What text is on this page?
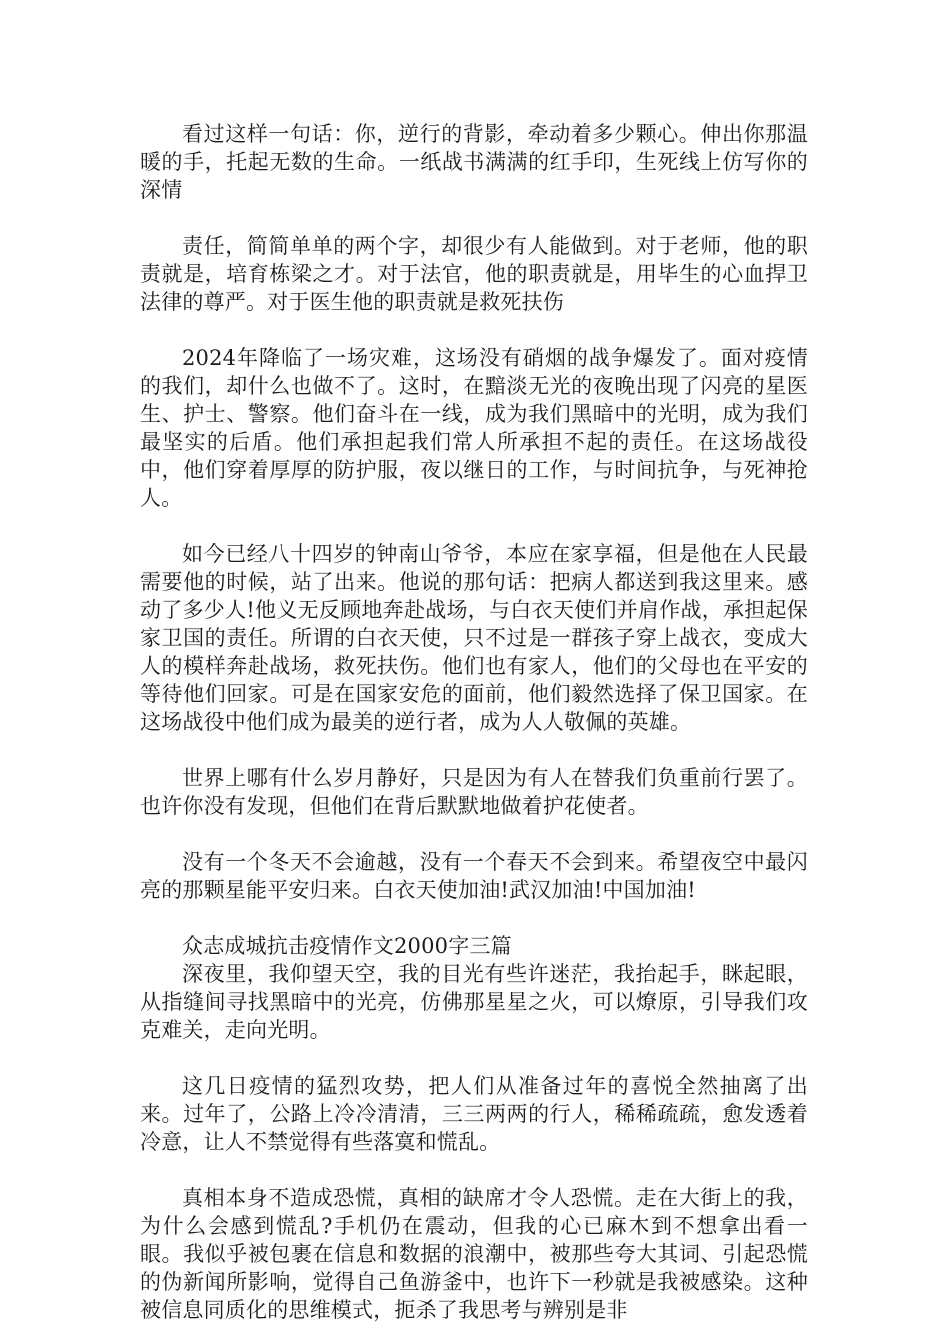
看过这样一句话：你，逆行的背影，牵动着多少颗心。伸出你那温暖的手，托起无数的生命。一纸战书满满的红手印，生死线上仿写你的深情

责任，简简单单的两个字，却很少有人能做到。对于老师，他的职责就是，培育栋梁之才。对于法官，他的职责就是，用毕生的心血捍卫法律的尊严。对于医生他的职责就是救死扶伤

2024年降临了一场灾难，这场没有硝烟的战争爆发了。面对疫情的我们，却什么也做不了。这时，在黯淡无光的夜晚出现了闪亮的星医生、护士、警察。他们奋斗在一线，成为我们黑暗中的光明，成为我们最坚实的后盾。他们承担起我们常人所承担不起的责任。在这场战役中，他们穿着厚厚的防护服，夜以继日的工作，与时间抗争，与死神抢人。

如今已经八十四岁的钟南山爷爷，本应在家享福，但是他在人民最需要他的时候，站了出来。他说的那句话：把病人都送到我这里来。感动了多少人!他义无反顾地奔赴战场，与白衣天使们并肩作战，承担起保家卫国的责任。所谓的白衣天使，只不过是一群孩子穿上战衣，变成大人的模样奔赴战场，救死扶伤。他们也有家人，他们的父母也在平安的等待他们回家。可是在国家安危的面前，他们毅然选择了保卫国家。在这场战役中他们成为最美的逆行者，成为人人敬佩的英雄。

世界上哪有什么岁月静好，只是因为有人在替我们负重前行罢了。也许你没有发现，但他们在背后默默地做着护花使者。

没有一个冬天不会逾越，没有一个春天不会到来。希望夜空中最闪亮的那颗星能平安归来。白衣天使加油!武汉加油!中国加油!

众志成城抗击疫情作文2000字三篇

深夜里，我仰望天空，我的目光有些许迷茫，我抬起手，眯起眼，从指缝间寻找黑暗中的光亮，仿佛那星星之火，可以燎原，引导我们攻克难关，走向光明。

这几日疫情的猛烈攻势，把人们从准备过年的喜悦全然抽离了出来。过年了，公路上冷冷清清，三三两两的行人，稀稀疏疏，愈发透着冷意，让人不禁觉得有些落寞和慌乱。

真相本身不造成恐慌，真相的缺席才令人恐慌。走在大街上的我，为什么会感到慌乱?手机仍在震动，但我的心已麻木到不想拿出看一眼。我似乎被包裹在信息和数据的浪潮中，被那些夸大其词、引起恐慌的伪新闻所影响，觉得自己鱼游釜中，也许下一秒就是我被感染。这种被信息同质化的思维模式，扼杀了我思考与辨别是非
